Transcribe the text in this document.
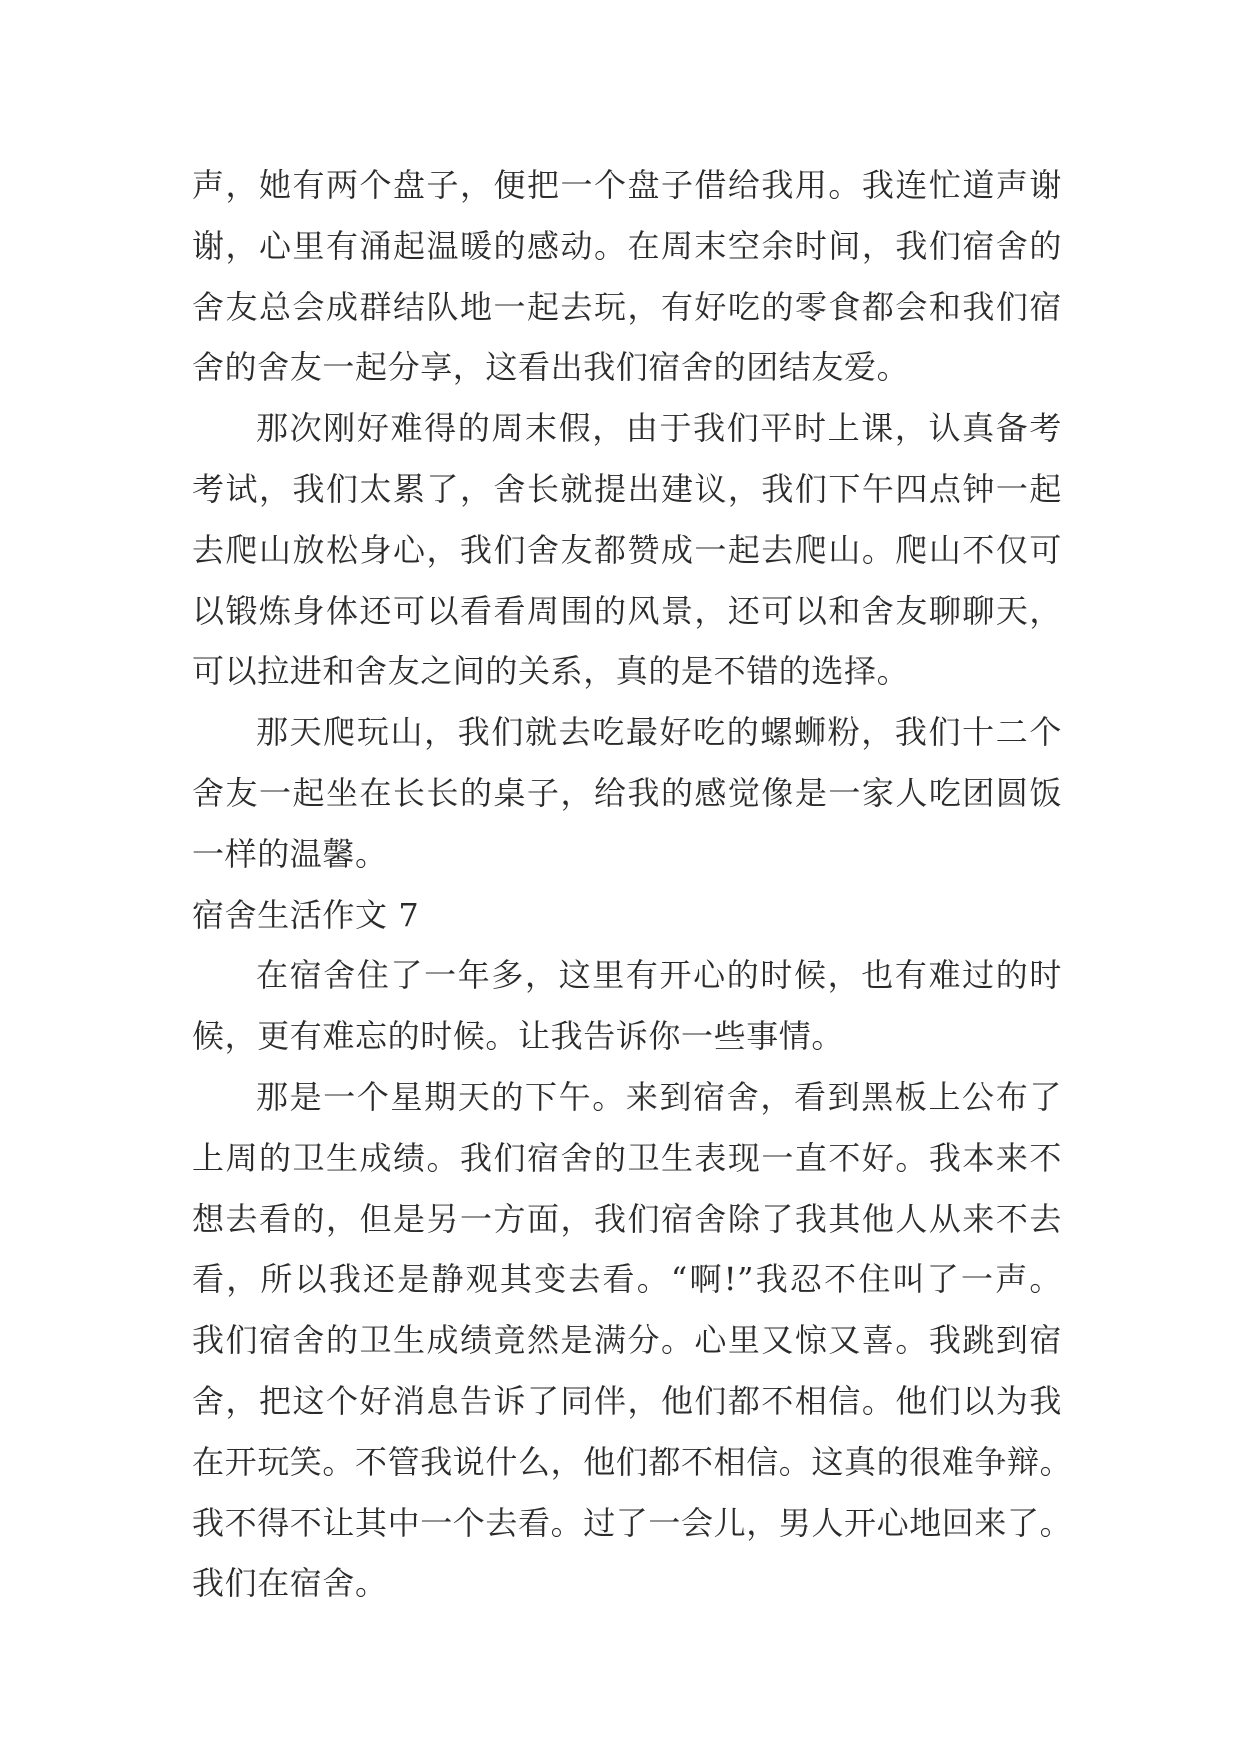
声，她有两个盘子，便把一个盘子借给我用。我连忙道声谢
谢，心里有涌起温暖的感动。在周末空余时间，我们宿舍的
舍友总会成群结队地一起去玩，有好吃的零食都会和我们宿
舍的舍友一起分享，这看出我们宿舍的团结友爱。
那次刚好难得的周末假，由于我们平时上课，认真备考
考试，我们太累了，舍长就提出建议，我们下午四点钟一起
去爬山放松身心，我们舍友都赞成一起去爬山。爬山不仅可
以锻炼身体还可以看看周围的风景，还可以和舍友聊聊天，
可以拉进和舍友之间的关系，真的是不错的选择。
那天爬玩山，我们就去吃最好吃的螺蛳粉，我们十二个
舍友一起坐在长长的桌子，给我的感觉像是一家人吃团圆饭
一样的温馨。
宿舍生活作文 7
在宿舍住了一年多，这里有开心的时候，也有难过的时
候，更有难忘的时候。让我告诉你一些事情。
那是一个星期天的下午。来到宿舍，看到黑板上公布了
上周的卫生成绩。我们宿舍的卫生表现一直不好。我本来不
想去看的，但是另一方面，我们宿舍除了我其他人从来不去
看，所以我还是静观其变去看。“啊!”我忍不住叫了一声。
我们宿舍的卫生成绩竟然是满分。心里又惊又喜。我跳到宿
舍，把这个好消息告诉了同伴，他们都不相信。他们以为我
在开玩笑。不管我说什么，他们都不相信。这真的很难争辩。
我不得不让其中一个去看。过了一会儿，男人开心地回来了。
我们在宿舍。
